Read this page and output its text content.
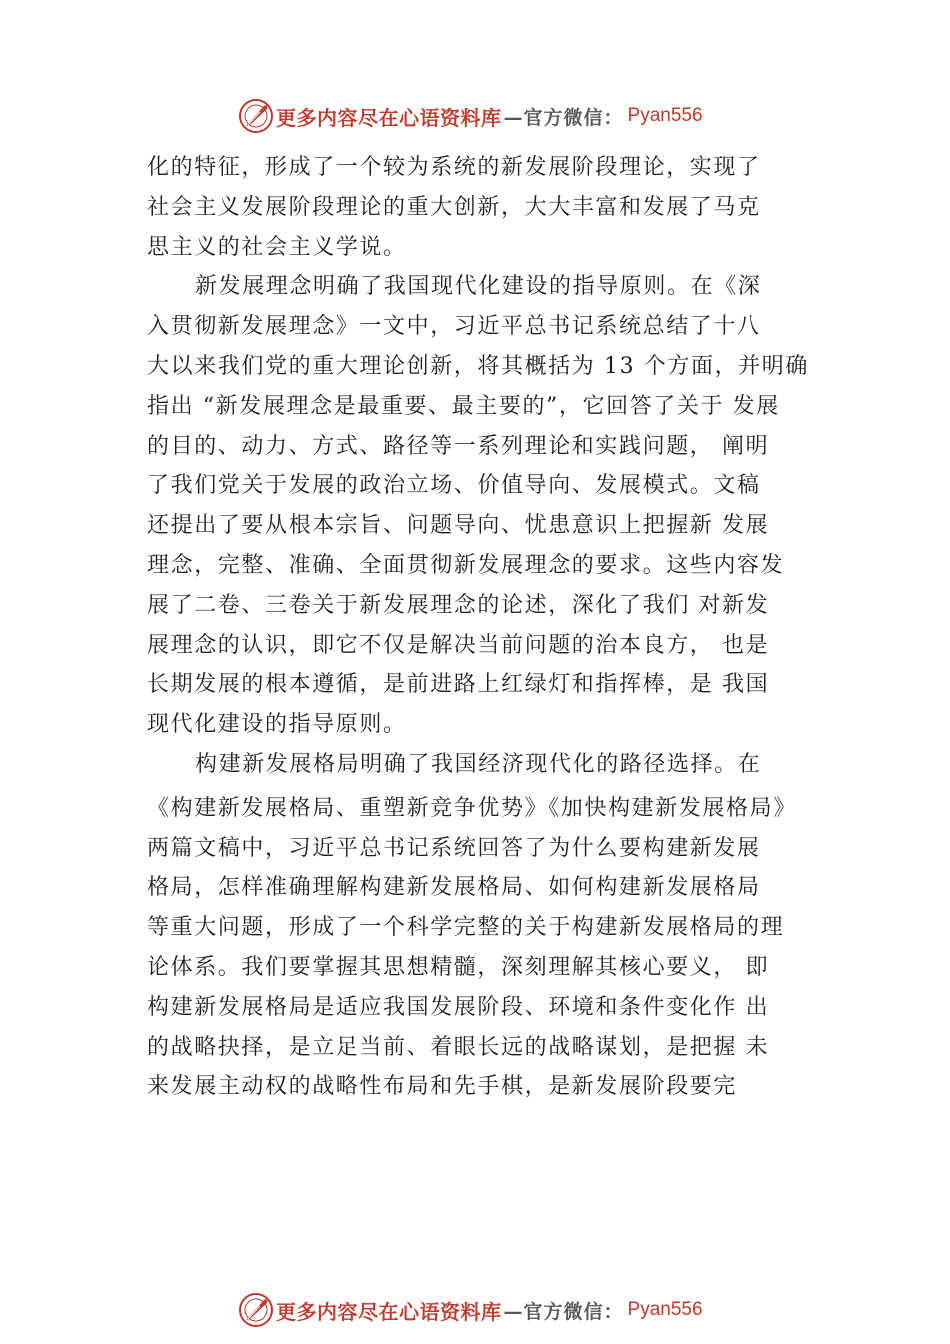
更多内容尽在心语资料库 —官方微信： Pyan556
化的特征，形成了一个较为系统的新发展阶段理论，实现了
社会主义发展阶段理论的重大创新，大大丰富和发展了马克
思主义的社会主义学说。
新发展理念明确了我国现代化建设的指导原则。在《深
入贯彻新发展理念》一文中，习近平总书记系统总结了十八
大以来我们党的重大理论创新，将其概括为 13 个方面，并明确
指出 “新发展理念是最重要、最主要的”，它回答了关于 发展
的目的、动力、方式、路径等一系列理论和实践问题， 阐明
了我们党关于发展的政治立场、价值导向、发展模式。文稿
还提出了要从根本宗旨、问题导向、忧患意识上把握新 发展
理念，完整、准确、全面贯彻新发展理念的要求。这些内容发
展了二卷、三卷关于新发展理念的论述，深化了我们 对新发
展理念的认识，即它不仅是解决当前问题的治本良方， 也是
长期发展的根本遵循，是前进路上红绿灯和指挥棒，是 我国
现代化建设的指导原则。
构建新发展格局明确了我国经济现代化的路径选择。在
《构建新发展格局、重塑新竞争优势》《加快构建新发展格局》
两篇文稿中，习近平总书记系统回答了为什么要构建新发展
格局，怎样准确理解构建新发展格局、如何构建新发展格局
等重大问题，形成了一个科学完整的关于构建新发展格局的理
论体系。我们要掌握其思想精髓，深刻理解其核心要义， 即
构建新发展格局是适应我国发展阶段、环境和条件变化作 出
的战略抉择，是立足当前、着眼长远的战略谋划，是把握 未
来发展主动权的战略性布局和先手棋，是新发展阶段要完
更多内容尽在心语资料库 —官方微信： Pyan556
